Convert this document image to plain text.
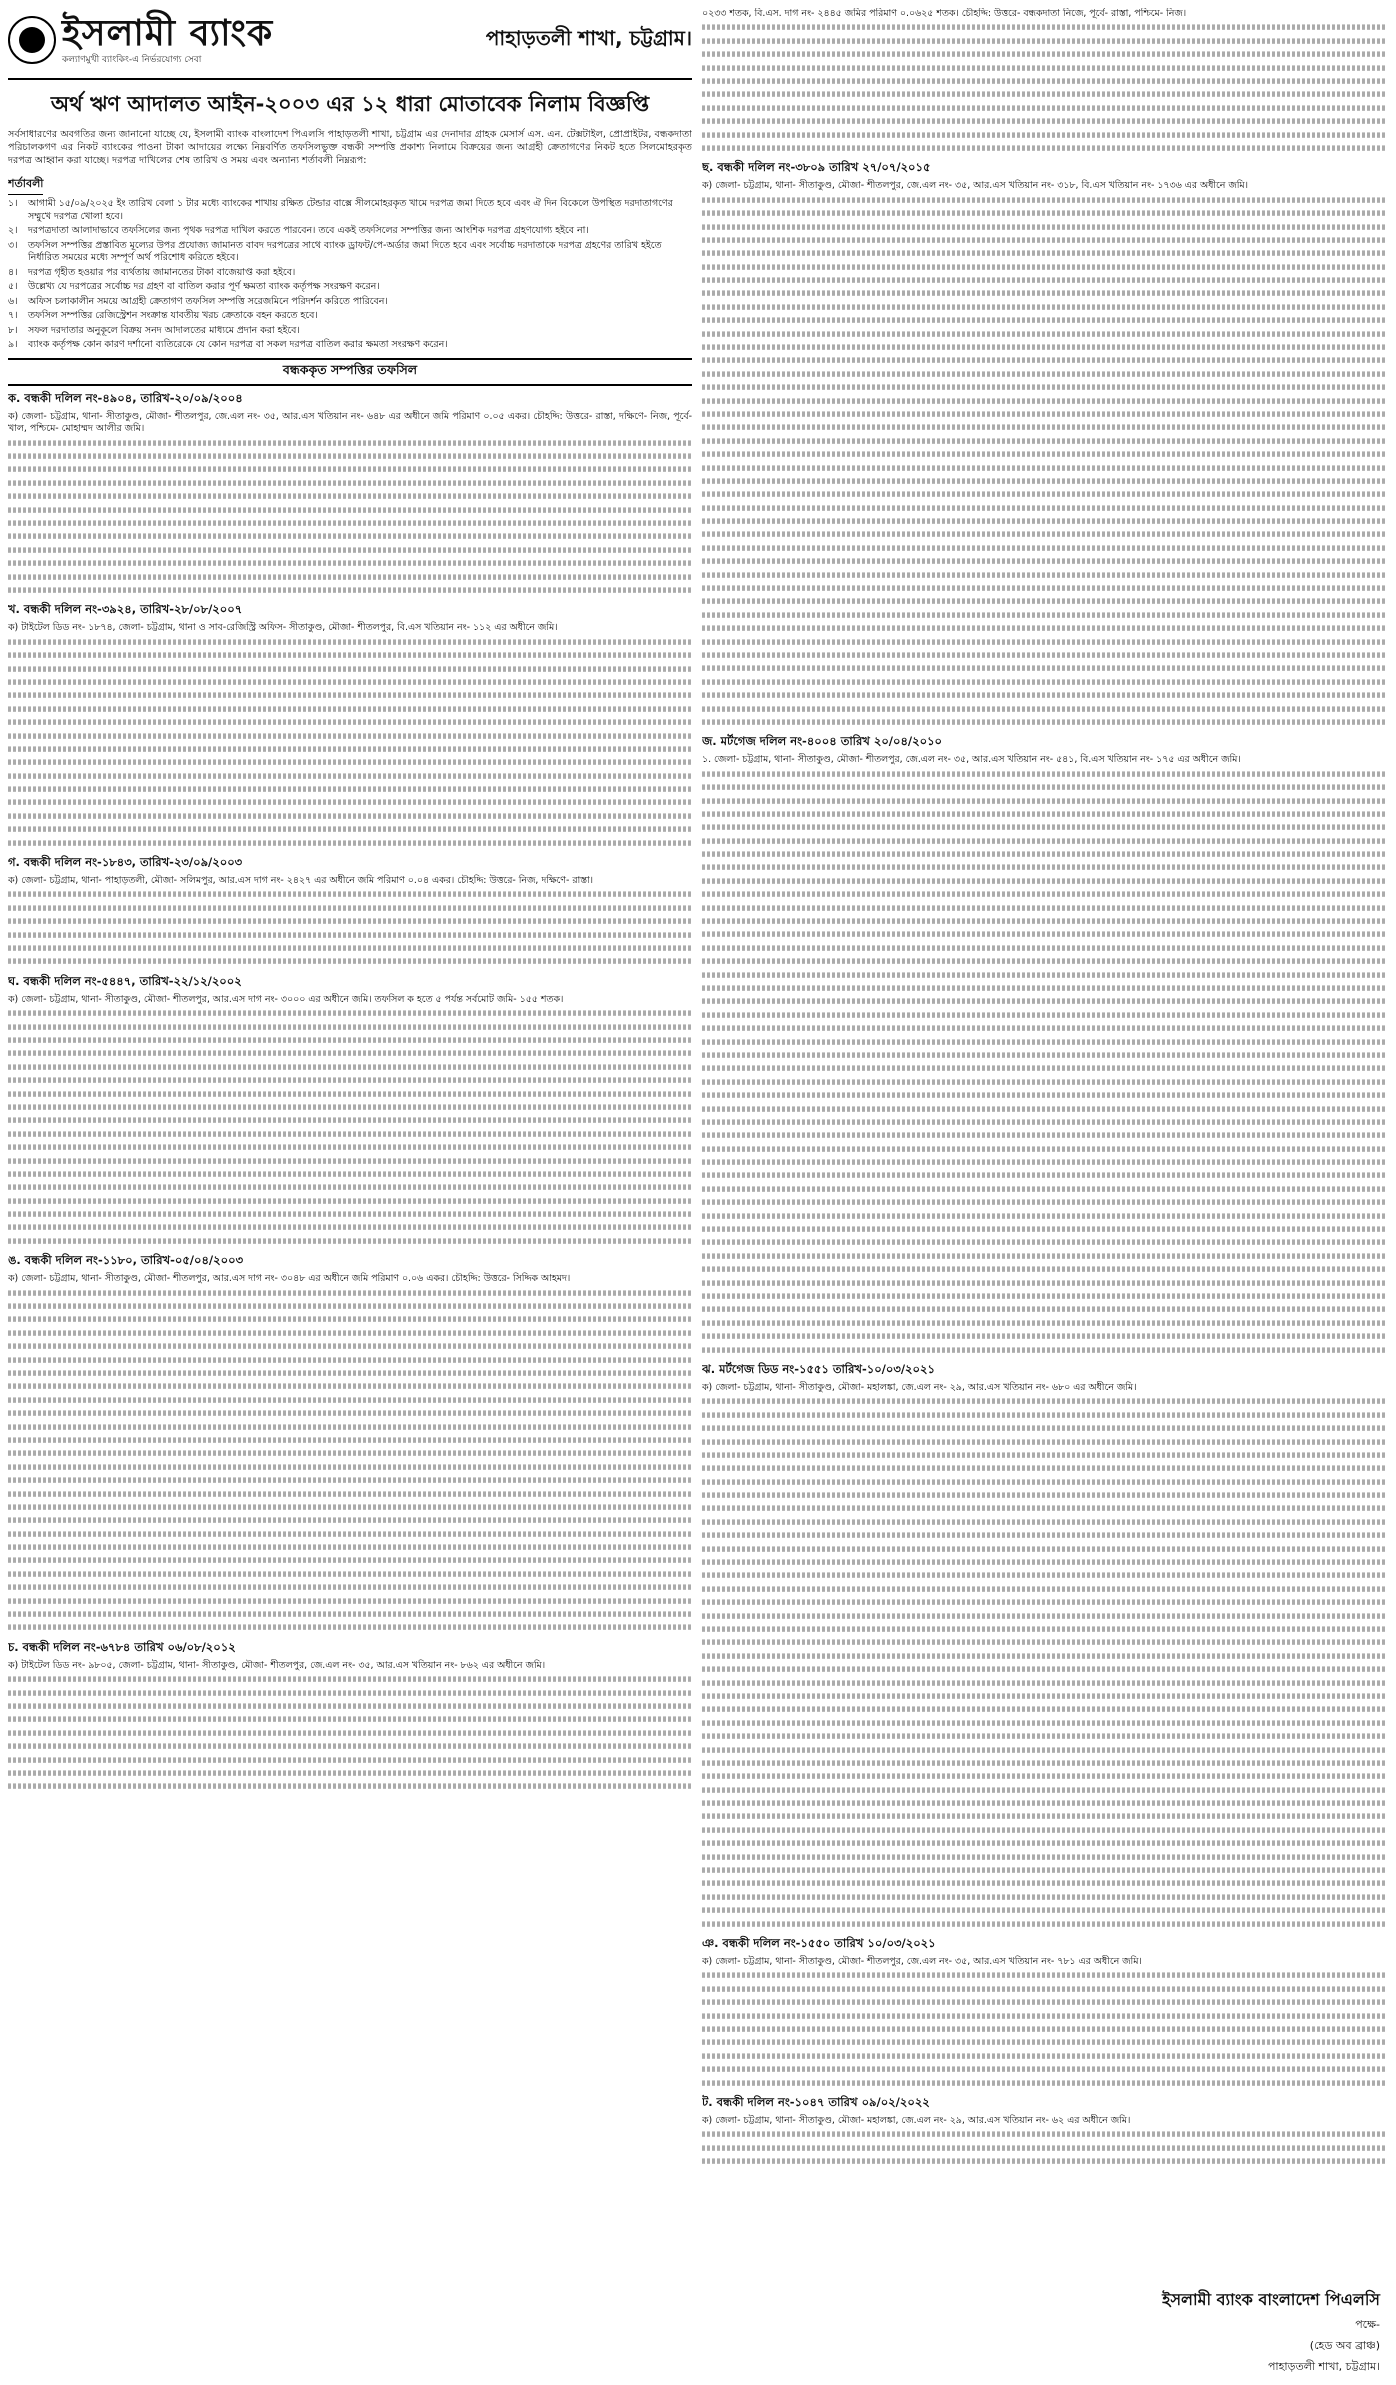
ইসলামী ব্যাংক
কল্যাণমুখী ব্যাংকিং-এ নির্ভরযোগ্য সেবা
পাহাড়তলী শাখা, চট্টগ্রাম।
অর্থ ঋণ আদালত আইন-২০০৩ এর ১২ ধারা মোতাবেক নিলাম বিজ্ঞপ্তি

সর্বসাধারণের অবগতির জন্য জানানো যাচ্ছে যে, ইসলামী ব্যাংক বাংলাদেশ পিএলসি পাহাড়তলী শাখা, চট্টগ্রাম এর দেনাদার গ্রাহক মেসার্স এস. এন. টেক্সটাইল, প্রোপ্রাইটর, বন্ধকদাতা পরিচালকগণ এর নিকট ব্যাংকের পাওনা টাকা আদায়ের লক্ষ্যে নিম্নবর্ণিত তফসিলভুক্ত বন্ধকী সম্পত্তি প্রকাশ্য নিলামে বিক্রয়ের জন্য আগ্রহী ক্রেতাগণের নিকট হতে সিলমোহরকৃত দরপত্র আহ্বান করা যাচ্ছে। দরপত্র দাখিলের শেষ তারিখ ও সময় এবং অন্যান্য শর্তাবলী নিম্নরূপ:

শর্তাবলী
১।	আগামী ১৫/০৯/২০২৫ ইং তারিখ বেলা ১ টার মধ্যে ব্যাংকের শাখায় রক্ষিত টেন্ডার বাক্সে সীলমোহরকৃত খামে দরপত্র জমা দিতে হবে এবং ঐ দিন বিকেলে উপস্থিত দরদাতাগণের সম্মুখে দরপত্র খোলা হবে।
২।	দরপত্রদাতা আলাদাভাবে তফসিলের জন্য পৃথক দরপত্র দাখিল করতে পারবেন। তবে একই তফসিলের সম্পত্তির জন্য আংশিক দরপত্র গ্রহণযোগ্য হইবে না।
৩।	তফসিল সম্পত্তির প্রস্তাবিত মূল্যের উপর প্রযোজ্য জামানত বাবদ দরপত্রের সাথে ব্যাংক ড্রাফট/পে-অর্ডার জমা দিতে হবে এবং সর্বোচ্চ দরদাতাকে দরপত্র গ্রহণের তারিখ হইতে নির্ধারিত সময়ের মধ্যে সম্পূর্ণ অর্থ পরিশোধ করিতে হইবে।
৪।	দরপত্র গৃহীত হওয়ার পর ব্যর্থতায় জামানতের টাকা বাজেয়াপ্ত করা হইবে।
৫।	উল্লেখ্য যে দরপত্রের সর্বোচ্চ দর গ্রহণ বা বাতিল করার পূর্ণ ক্ষমতা ব্যাংক কর্তৃপক্ষ সংরক্ষণ করেন।
৬।	অফিস চলাকালীন সময়ে আগ্রহী ক্রেতাগণ তফসিল সম্পত্তি সরেজমিনে পরিদর্শন করিতে পারিবেন।
৭।	তফসিল সম্পত্তির রেজিস্ট্রেশন সংক্রান্ত যাবতীয় খরচ ক্রেতাকে বহন করতে হবে।
৮।	সফল দরদাতার অনুকূলে বিক্রয় সনদ আদালতের মাধ্যমে প্রদান করা হইবে।
৯।	ব্যাংক কর্তৃপক্ষ কোন কারণ দর্শানো ব্যতিরেকে যে কোন দরপত্র বা সকল দরপত্র বাতিল করার ক্ষমতা সংরক্ষণ করেন।
বন্ধককৃত সম্পত্তির তফসিল
ক. বন্ধকী দলিল নং-৪৯০৪, তারিখ-২০/০৯/২০০৪
ক) জেলা- চট্টগ্রাম, থানা- সীতাকুণ্ড, মৌজা- শীতলপুর, জে.এল নং- ৩৫, আর.এস খতিয়ান নং- ৬৪৮ এর অধীনে জমি পরিমাণ ০.০৫ একর। চৌহদ্দি: উত্তরে- রাস্তা, দক্ষিণে- নিজ, পূর্বে- খাল, পশ্চিমে- মোহাম্মদ আলীর জমি।
খ. বন্ধকী দলিল নং-৩৯২৪, তারিখ-২৮/০৮/২০০৭
ক) টাইটেল ডিড নং- ১৮৭৪, জেলা- চট্টগ্রাম, থানা ও সাব-রেজিস্ট্রি অফিস- সীতাকুণ্ড, মৌজা- শীতলপুর, বি.এস খতিয়ান নং- ১১২ এর অধীনে জমি।
গ. বন্ধকী দলিল নং-১৮৪৩, তারিখ-২৩/০৯/২০০৩
ক) জেলা- চট্টগ্রাম, থানা- পাহাড়তলী, মৌজা- সলিমপুর, আর.এস দাগ নং- ২৪২৭ এর অধীনে জমি পরিমাণ ০.০৪ একর। চৌহদ্দি: উত্তরে- নিজ, দক্ষিণে- রাস্তা।
ঘ. বন্ধকী দলিল নং-৫৪৪৭, তারিখ-২২/১২/২০০২
ক) জেলা- চট্টগ্রাম, থানা- সীতাকুণ্ড, মৌজা- শীতলপুর, আর.এস দাগ নং- ৩০০০ এর অধীনে জমি। তফসিল ক হতে ৫ পর্যন্ত সর্বমোট জমি- ১৫৫ শতক।
ঙ. বন্ধকী দলিল নং-১১৮০, তারিখ-০৫/০৪/২০০৩
ক) জেলা- চট্টগ্রাম, থানা- সীতাকুণ্ড, মৌজা- শীতলপুর, আর.এস দাগ নং- ৩০৪৮ এর অধীনে জমি পরিমাণ ০.০৬ একর। চৌহদ্দি: উত্তরে- সিদ্দিক আহমদ।
চ. বন্ধকী দলিল নং-৬৭৮৪ তারিখ ০৬/০৮/২০১২
ক) টাইটেল ডিড নং- ৯৮০৫, জেলা- চট্টগ্রাম, থানা- সীতাকুণ্ড, মৌজা- শীতলপুর, জে.এল নং- ৩৫, আর.এস খতিয়ান নং- ৮৬২ এর অধীনে জমি।
০২৩৩ শতক, বি.এস. দাগ নং- ২৪৪৫ জমির পরিমাণ ০.০৬২৫ শতক। চৌহদ্দি: উত্তরে- বন্ধকদাতা নিজে, পূর্বে- রাস্তা, পশ্চিমে- নিজ।
ছ. বন্ধকী দলিল নং-৩৮০৯ তারিখ ২৭/০৭/২০১৫
ক) জেলা- চট্টগ্রাম, থানা- সীতাকুণ্ড, মৌজা- শীতলপুর, জে.এল নং- ৩৫, আর.এস খতিয়ান নং- ৩১৮, বি.এস খতিয়ান নং- ১৭৩৬ এর অধীনে জমি।
জ. মর্টগেজ দলিল নং-৪০০৪ তারিখ ২০/০৪/২০১০
১. জেলা- চট্টগ্রাম, থানা- সীতাকুণ্ড, মৌজা- শীতলপুর, জে.এল নং- ৩৫, আর.এস খতিয়ান নং- ৫৪১, বি.এস খতিয়ান নং- ১৭৫ এর অধীনে জমি।
ঝ. মর্টগেজ ডিড নং-১৫৫১ তারিখ-১০/০৩/২০২১
ক) জেলা- চট্টগ্রাম, থানা- সীতাকুণ্ড, মৌজা- মহালঙ্কা, জে.এল নং- ২৯, আর.এস খতিয়ান নং- ৬৮০ এর অধীনে জমি।
ঞ. বন্ধকী দলিল নং-১৫৫০ তারিখ ১০/০৩/২০২১
ক) জেলা- চট্টগ্রাম, থানা- সীতাকুণ্ড, মৌজা- শীতলপুর, জে.এল নং- ৩৫, আর.এস খতিয়ান নং- ৭৮১ এর অধীনে জমি।
ট. বন্ধকী দলিল নং-১০৪৭ তারিখ ০৯/০২/২০২২
ক) জেলা- চট্টগ্রাম, থানা- সীতাকুণ্ড, মৌজা- মহালঙ্কা, জে.এল নং- ২৯, আর.এস খতিয়ান নং- ৬২ এর অধীনে জমি।
ইসলামী ব্যাংক বাংলাদেশ পিএলসি
পক্ষে-
(হেড অব ব্রাঞ্চ)
পাহাড়তলী শাখা, চট্টগ্রাম।
